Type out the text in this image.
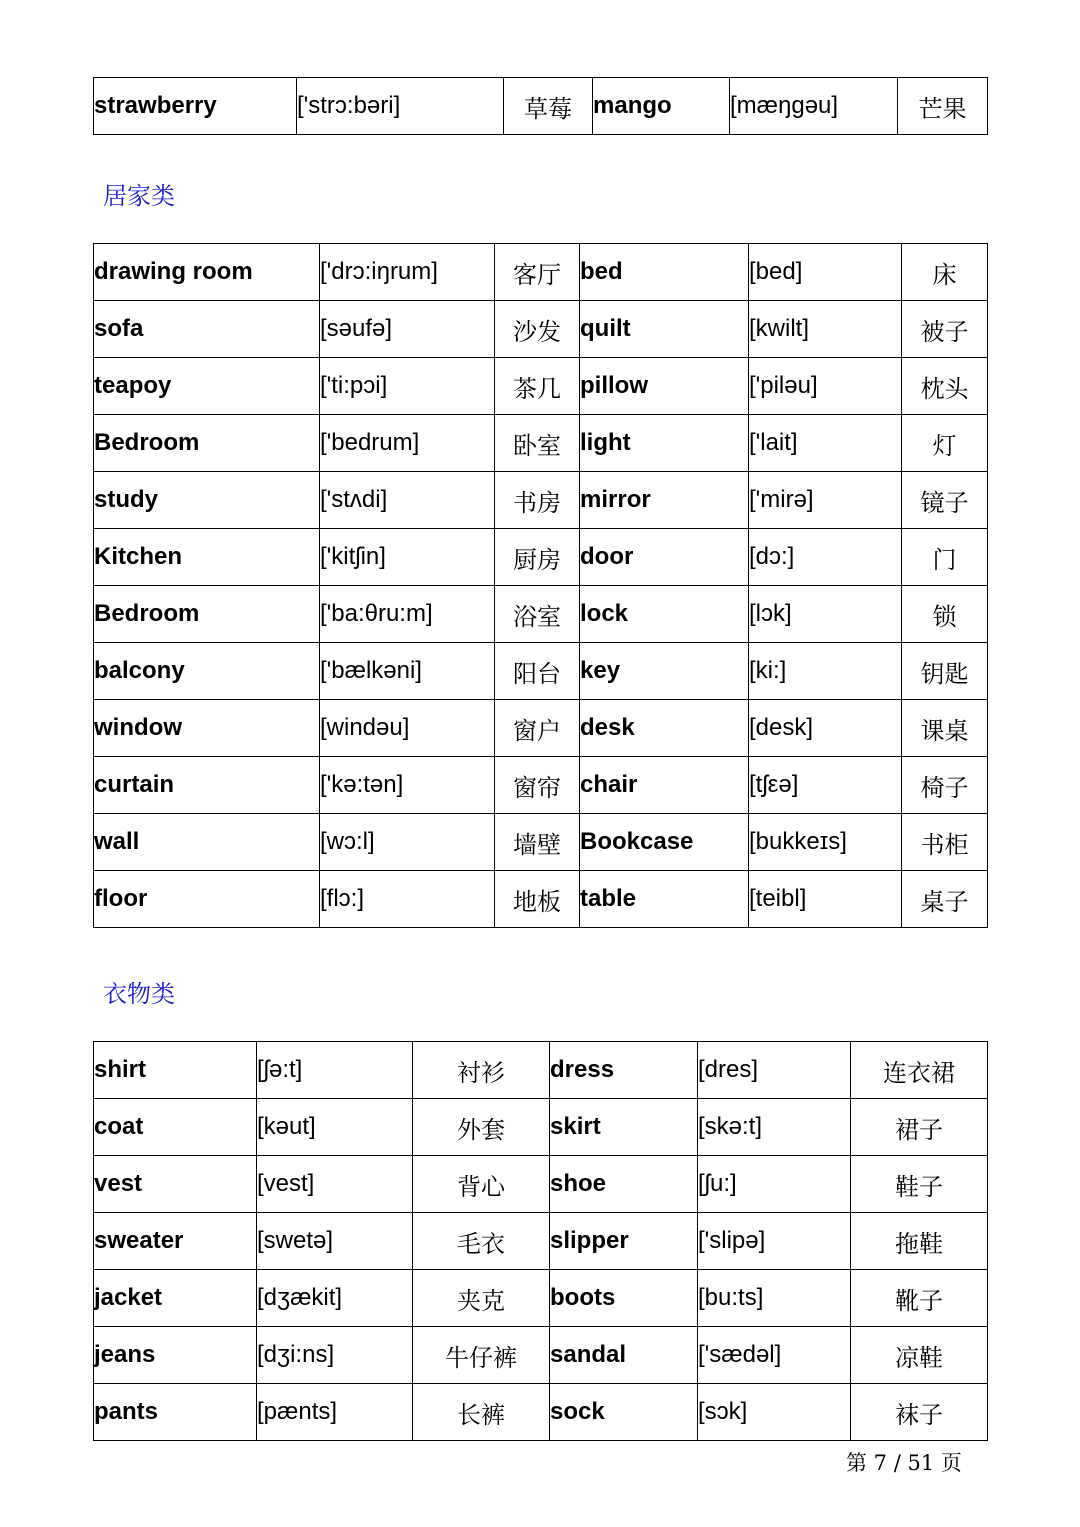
strawberry	['strɔ:bəri]	草莓	mango	[mæŋgəu]	芒果
居家类
drawing room	['drɔ:iŋrum]	客厅	bed	[bed]	床
sofa	[səufə]	沙发	quilt	[kwilt]	被子
teapoy	['ti:pɔi]	茶几	pillow	['piləu]	枕头
Bedroom	['bedrum]	卧室	light	['lait]	灯
study	['stʌdi]	书房	mirror	['mirə]	镜子
Kitchen	['kitʃin]	厨房	door	[dɔ:]	门
Bedroom	['ba:θru:m]	浴室	lock	[lɔk]	锁
balcony	['bælkəni]	阳台	key	[ki:]	钥匙
window	[windəu]	窗户	desk	[desk]	课桌
curtain	['kə:tən]	窗帘	chair	[tʃεə]	椅子
wall	[wɔ:l]	墙壁	Bookcase	[bukkeɪs]	书柜
floor	[flɔ:]	地板	table	[teibl]	桌子
衣物类
shirt	[ʃə:t]	衬衫	dress	[dres]	连衣裙
coat	[kəut]	外套	skirt	[skə:t]	裙子
vest	[vest]	背心	shoe	[ʃu:]	鞋子
sweater	[swetə]	毛衣	slipper	['slipə]	拖鞋
jacket	[dʒækit]	夹克	boots	[bu:ts]	靴子
jeans	[dʒi:ns]	牛仔裤	sandal	['sædəl]	凉鞋
pants	[pænts]	长裤	sock	[sɔk]	袜子
第 7 / 51 页
